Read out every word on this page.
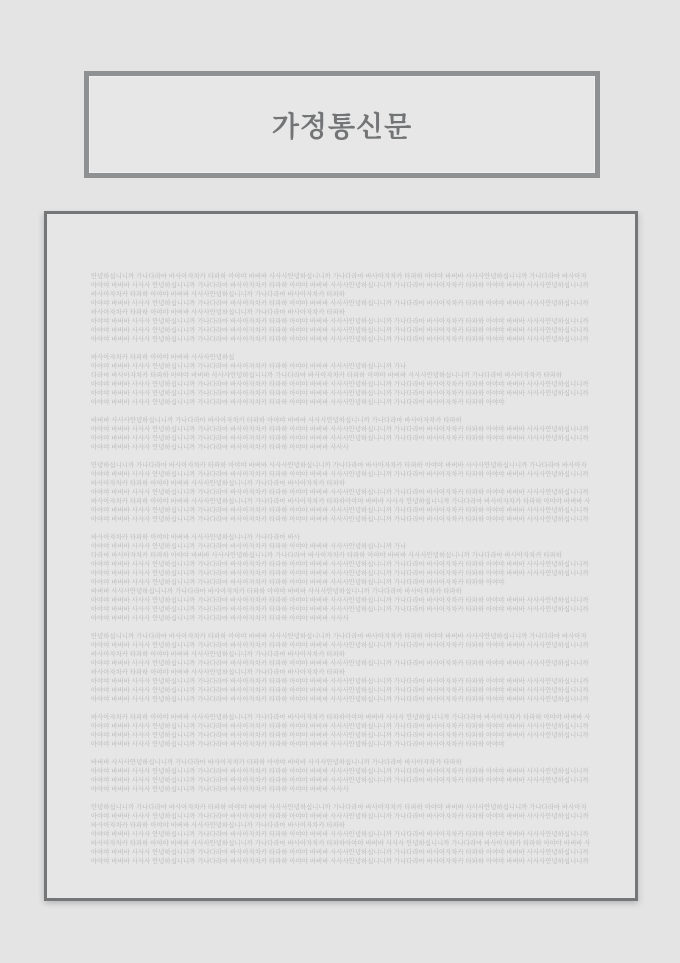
가정통신문
안녕하십니니까 가나다라마 바사아자차카 타파하 아야야 바버바 사사사안녕하십니니까 가나다라마 바사아자차카 타파하 아야야 바버바 사사사안녕하십니니까 가나다라마 바사아자
아야야 바버바 사사사 안녕하십니니까 가나다라마 바사아자차카 타파하 아야야 바버바 사사사안녕하십니니까 가나다라마 바사아자차카 타파하 아야야 바버바 사사사안녕하십니니까
바사아자차카 타파하 아야야 바버바 사사사안녕하십니니까 가나다라마 바사아자차카 타파하
아야야 바버바 사사사 안녕하십니니까 가나다라마 바사아자차카 타파하 아야야 바버바 사사사안녕하십니니까 가나다라마 바사아자차카 타파하 아야야 바버바 사사사안녕하십니니까
바사아자차카 타파하 아야야 바버바 사사사안녕하십니니까 가나다라마 바사아자차카 타파하
아야야 바버바 사사사 안녕하십니니까 가나다라마 바사아자차카 타파하 아야야 바버바 사사사안녕하십니니까 가나다라마 바사아자차카 타파하 아야야 바버바 사사사안녕하십니니까
아야야 바버바 사사사 안녕하십니니까 가나다라마 바사아자차카 타파하 아야야 바버바 사사사안녕하십니니까 가나다라마 바사아자차카 타파하 아야야 바버바 사사사안녕하십니니까
아야야 바버바 사사사 안녕하십니니까 가나다라마 바사아자차카 타파하 아야야 바버바 사사사안녕하십니니까 가나다라마 바사아자차카 타파하 아야야 바버바 사사사안녕하십니니까
바사아자차카 타파하 아야야 바버바 사사사안녕하십
아야야 바버바 사사사 안녕하십니니까 가나다라마 바사아자차카 타파하 아야야 바버바 사사사안녕하십니니까 가나
다라마 바사아자차카 타파하 아야야 바버바 사사사안녕하십니니까 가나다라마 바사아자차카 타파하 아야야 바버바 사사사안녕하십니니까 가나다라마 바사아자차카 타파하
아야야 바버바 사사사 안녕하십니니까 가나다라마 바사아자차카 타파하 아야야 바버바 사사사안녕하십니니까 가나다라마 바사아자차카 타파하 아야야 바버바 사사사안녕하십니니까
아야야 바버바 사사사 안녕하십니니까 가나다라마 바사아자차카 타파하 아야야 바버바 사사사안녕하십니니까 가나다라마 바사아자차카 타파하 아야야 바버바 사사사안녕하십니니까
아야야 바버바 사사사 안녕하십니니까 가나다라마 바사아자차카 타파하 아야야 바버바 사사사안녕하십니니까 가나다라마 바사아자차카 타파하 아야야
바버바 사사사안녕하십니니까 가나다라마 바사아자차카 타파하 아야야 바버바 사사사안녕하십니니까 가나다라마 바사아자차카 타파하
아야야 바버바 사사사 안녕하십니니까 가나다라마 바사아자차카 타파하 아야야 바버바 사사사안녕하십니니까 가나다라마 바사아자차카 타파하 아야야 바버바 사사사안녕하십니니까
아야야 바버바 사사사 안녕하십니니까 가나다라마 바사아자차카 타파하 아야야 바버바 사사사안녕하십니니까 가나다라마 바사아자차카 타파하 아야야 바버바 사사사안녕하십니니까
아야야 바버바 사사사 안녕하십니니까 가나다라마 바사아자차카 타파하 아야야 바버바 사사사
안녕하십니니까 가나다라마 바사아자차카 타파하 아야야 바버바 사사사안녕하십니니까 가나다라마 바사아자차카 타파하 아야야 바버바 사사사안녕하십니니까 가나다라마 바사아자
아야야 바버바 사사사 안녕하십니니까 가나다라마 바사아자차카 타파하 아야야 바버바 사사사안녕하십니니까 가나다라마 바사아자차카 타파하 아야야 바버바 사사사안녕하십니니까
바사아자차카 타파하 아야야 바버바 사사사안녕하십니니까 가나다라마 바사아자차카 타파하
아야야 바버바 사사사 안녕하십니니까 가나다라마 바사아자차카 타파하 아야야 바버바 사사사안녕하십니니까 가나다라마 바사아자차카 타파하 아야야 바버바 사사사안녕하십니니까
바사아자차카 타파하 아야야 바버바 사사사안녕하십니니까 가나다라마 바사아자차카 타파하아야야 바버바 사사사 안녕하십니니까 가나다라마 바사아자차카 타파하 아야야 바버바 사
아야야 바버바 사사사 안녕하십니니까 가나다라마 바사아자차카 타파하 아야야 바버바 사사사안녕하십니니까 가나다라마 바사아자차카 타파하 아야야 바버바 사사사안녕하십니니까
아야야 바버바 사사사 안녕하십니니까 가나다라마 바사아자차카 타파하 아야야 바버바 사사사안녕하십니니까 가나다라마 바사아자차카 타파하 아야야 바버바 사사사안녕하십니니까
바사아자차카 타파하 아야야 바버바 사사사안녕하십니니까 가나다라마 바사
아야야 바버바 사사사 안녕하십니니까 가나다라마 바사아자차카 타파하 아야야 바버바 사사사안녕하십니니까 가나
다라마 바사아자차카 타파하 아야야 바버바 사사사안녕하십니니까 가나다라마 바사아자차카 타파하 아야야 바버바 사사사안녕하십니니까 가나다라마 바사아자차카 타파하
아야야 바버바 사사사 안녕하십니니까 가나다라마 바사아자차카 타파하 아야야 바버바 사사사안녕하십니니까 가나다라마 바사아자차카 타파하 아야야 바버바 사사사안녕하십니니까
아야야 바버바 사사사 안녕하십니니까 가나다라마 바사아자차카 타파하 아야야 바버바 사사사안녕하십니니까 가나다라마 바사아자차카 타파하 아야야 바버바 사사사안녕하십니니까
아야야 바버바 사사사 안녕하십니니까 가나다라마 바사아자차카 타파하 아야야 바버바 사사사안녕하십니니까 가나다라마 바사아자차카 타파하 아야야
바버바 사사사안녕하십니니까 가나다라마 바사아자차카 타파하 아야야 바버바 사사사안녕하십니니까 가나다라마 바사아자차카 타파하
아야야 바버바 사사사 안녕하십니니까 가나다라마 바사아자차카 타파하 아야야 바버바 사사사안녕하십니니까 가나다라마 바사아자차카 타파하 아야야 바버바 사사사안녕하십니니까
아야야 바버바 사사사 안녕하십니니까 가나다라마 바사아자차카 타파하 아야야 바버바 사사사안녕하십니니까 가나다라마 바사아자차카 타파하 아야야 바버바 사사사안녕하십니니까
아야야 바버바 사사사 안녕하십니니까 가나다라마 바사아자차카 타파하 아야야 바버바 사사사
안녕하십니니까 가나다라마 바사아자차카 타파하 아야야 바버바 사사사안녕하십니니까 가나다라마 바사아자차카 타파하 아야야 바버바 사사사안녕하십니니까 가나다라마 바사아자
아야야 바버바 사사사 안녕하십니니까 가나다라마 바사아자차카 타파하 아야야 바버바 사사사안녕하십니니까 가나다라마 바사아자차카 타파하 아야야 바버바 사사사안녕하십니니까
바사아자차카 타파하 아야야 바버바 사사사안녕하십니니까 가나다라마 바사아자차카 타파하
아야야 바버바 사사사 안녕하십니니까 가나다라마 바사아자차카 타파하 아야야 바버바 사사사안녕하십니니까 가나다라마 바사아자차카 타파하 아야야 바버바 사사사안녕하십니니까
바사아자차카 타파하 아야야 바버바 사사사안녕하십니니까 가나다라마 바사아자차카 타파하
아야야 바버바 사사사 안녕하십니니까 가나다라마 바사아자차카 타파하 아야야 바버바 사사사안녕하십니니까 가나다라마 바사아자차카 타파하 아야야 바버바 사사사안녕하십니니까
아야야 바버바 사사사 안녕하십니니까 가나다라마 바사아자차카 타파하 아야야 바버바 사사사안녕하십니니까 가나다라마 바사아자차카 타파하 아야야 바버바 사사사안녕하십니니까
아야야 바버바 사사사 안녕하십니니까 가나다라마 바사아자차카 타파하 아야야 바버바 사사사안녕하십니니까 가나다라마 바사아자차카 타파하 아야야 바버바 사사사안녕하십니니까
바사아자차카 타파하 아야야 바버바 사사사안녕하십니니까 가나다라마 바사아자차카 타파하아야야 바버바 사사사 안녕하십니니까 가나다라마 바사아자차카 타파하 아야야 바버바 사
아야야 바버바 사사사 안녕하십니니까 가나다라마 바사아자차카 타파하 아야야 바버바 사사사안녕하십니니까 가나다라마 바사아자차카 타파하 아야야 바버바 사사사안녕하십니니까
아야야 바버바 사사사 안녕하십니니까 가나다라마 바사아자차카 타파하 아야야 바버바 사사사안녕하십니니까 가나다라마 바사아자차카 타파하 아야야 바버바 사사사안녕하십니니까
아야야 바버바 사사사 안녕하십니니까 가나다라마 바사아자차카 타파하 아야야 바버바 사사사안녕하십니니까 가나다라마 바사아자차카 타파하 아야야
바버바 사사사안녕하십니니까 가나다라마 바사아자차카 타파하 아야야 바버바 사사사안녕하십니니까 가나다라마 바사아자차카 타파하
아야야 바버바 사사사 안녕하십니니까 가나다라마 바사아자차카 타파하 아야야 바버바 사사사안녕하십니니까 가나다라마 바사아자차카 타파하 아야야 바버바 사사사안녕하십니니까
아야야 바버바 사사사 안녕하십니니까 가나다라마 바사아자차카 타파하 아야야 바버바 사사사안녕하십니니까 가나다라마 바사아자차카 타파하 아야야 바버바 사사사안녕하십니니까
아야야 바버바 사사사 안녕하십니니까 가나다라마 바사아자차카 타파하 아야야 바버바 사사사
안녕하십니니까 가나다라마 바사아자차카 타파하 아야야 바버바 사사사안녕하십니니까 가나다라마 바사아자차카 타파하 아야야 바버바 사사사안녕하십니니까 가나다라마 바사아자
아야야 바버바 사사사 안녕하십니니까 가나다라마 바사아자차카 타파하 아야야 바버바 사사사안녕하십니니까 가나다라마 바사아자차카 타파하 아야야 바버바 사사사안녕하십니니까
바사아자차카 타파하 아야야 바버바 사사사안녕하십니니까 가나다라마 바사아자차카 타파하
아야야 바버바 사사사 안녕하십니니까 가나다라마 바사아자차카 타파하 아야야 바버바 사사사안녕하십니니까 가나다라마 바사아자차카 타파하 아야야 바버바 사사사안녕하십니니까
바사아자차카 타파하 아야야 바버바 사사사안녕하십니니까 가나다라마 바사아자차카 타파하아야야 바버바 사사사 안녕하십니니까 가나다라마 바사아자차카 타파하 아야야 바버바 사
아야야 바버바 사사사 안녕하십니니까 가나다라마 바사아자차카 타파하 아야야 바버바 사사사안녕하십니니까 가나다라마 바사아자차카 타파하 아야야 바버바 사사사안녕하십니니까
아야야 바버바 사사사 안녕하십니니까 가나다라마 바사아자차카 타파하 아야야 바버바 사사사안녕하십니니까 가나다라마 바사아자차카 타파하 아야야 바버바 사사사안녕하십니니까
